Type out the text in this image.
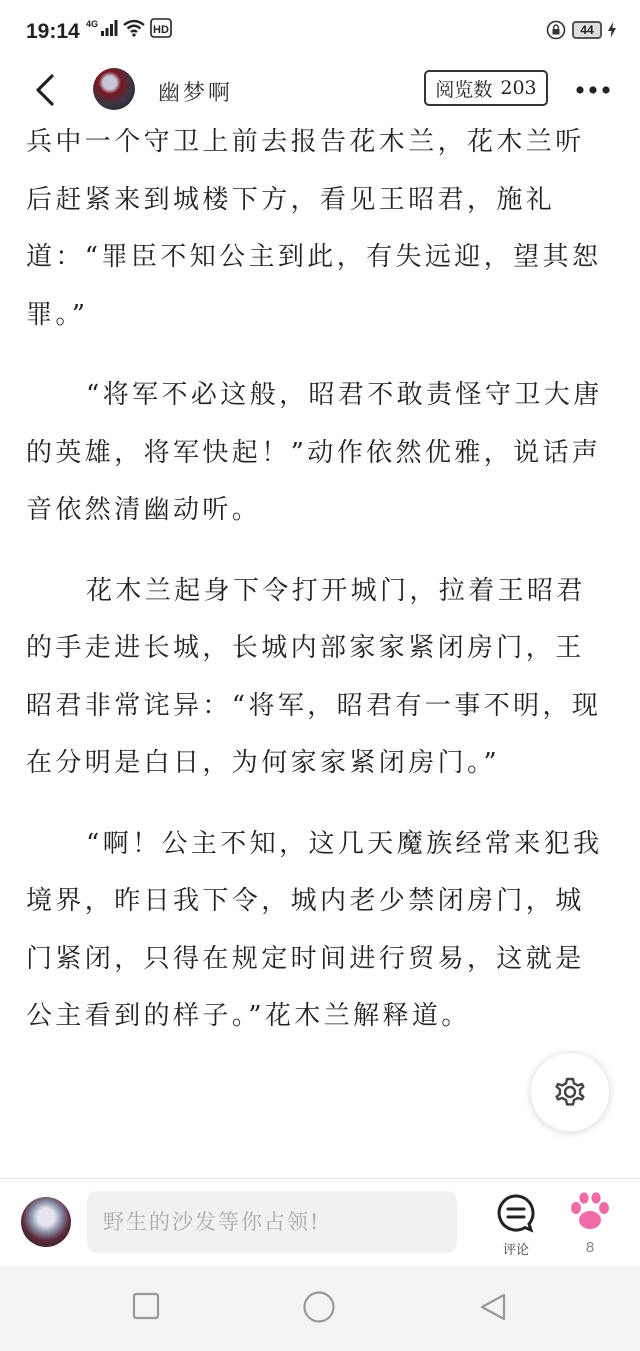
19:14 4G	HD	44
幽梦啊	阅览数 203

兵中一个守卫上前去报告花木兰，花木兰听后赶紧来到城楼下方，看见王昭君，施礼道：“罪臣不知公主到此，有失远迎，望其恕罪。”

“将军不必这般，昭君不敢责怪守卫大唐的英雄，将军快起！”动作依然优雅，说话声音依然清幽动听。

花木兰起身下令打开城门，拉着王昭君的手走进长城，长城内部家家紧闭房门，王昭君非常诧异：“将军，昭君有一事不明，现在分明是白日，为何家家紧闭房门。”

“啊！公主不知，这几天魔族经常来犯我境界，昨日我下令，城内老少禁闭房门，城门紧闭，只得在规定时间进行贸易，这就是公主看到的样子。”花木兰解释道。

野生的沙发等你占领!
评论	8
